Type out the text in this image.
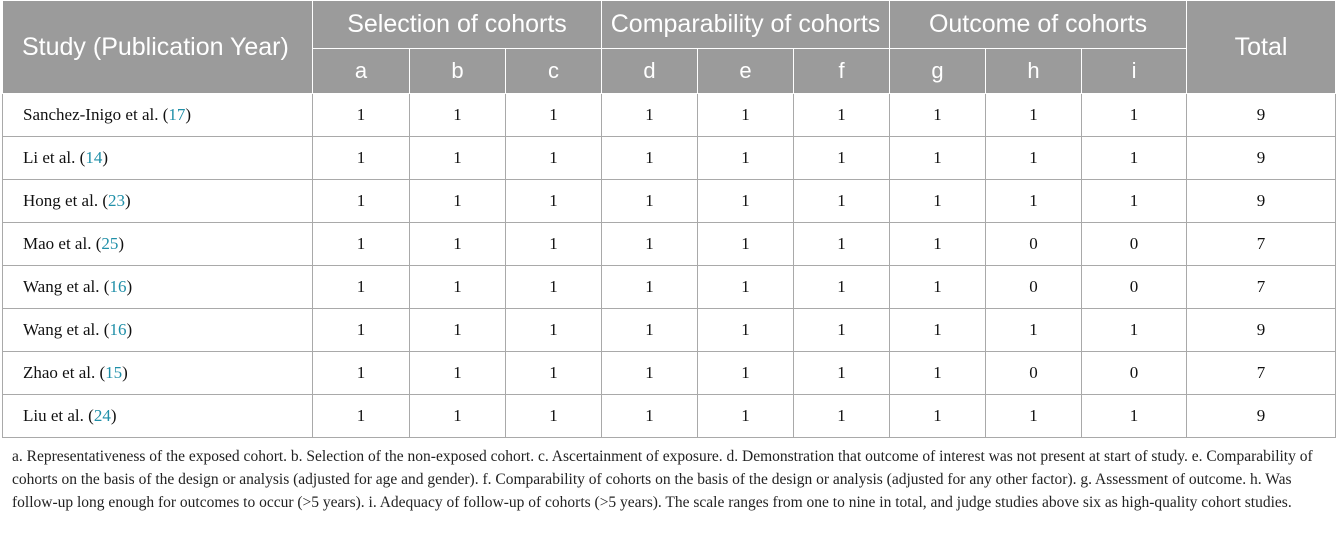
Study (Publication Year)	Selection of cohorts			Comparability of cohorts			Outcome of cohorts			Total
	a	b	c	d	e	f	g	h	i	
Sanchez-Inigo et al. (17)	1	1	1	1	1	1	1	1	1	9
Li et al. (14)	1	1	1	1	1	1	1	1	1	9
Hong et al. (23)	1	1	1	1	1	1	1	1	1	9
Mao et al. (25)	1	1	1	1	1	1	1	0	0	7
Wang et al. (16)	1	1	1	1	1	1	1	0	0	7
Wang et al. (16)	1	1	1	1	1	1	1	1	1	9
Zhao et al. (15)	1	1	1	1	1	1	1	0	0	7
Liu et al. (24)	1	1	1	1	1	1	1	1	1	9
a. Representativeness of the exposed cohort. b. Selection of the non-exposed cohort. c. Ascertainment of exposure. d. Demonstration that outcome of interest was not present at start of study. e. Comparability of cohorts on the basis of the design or analysis (adjusted for age and gender). f. Comparability of cohorts on the basis of the design or analysis (adjusted for any other factor). g. Assessment of outcome. h. Was follow-up long enough for outcomes to occur (>5 years). i. Adequacy of follow-up of cohorts (>5 years). The scale ranges from one to nine in total, and judge studies above six as high-quality cohort studies.
